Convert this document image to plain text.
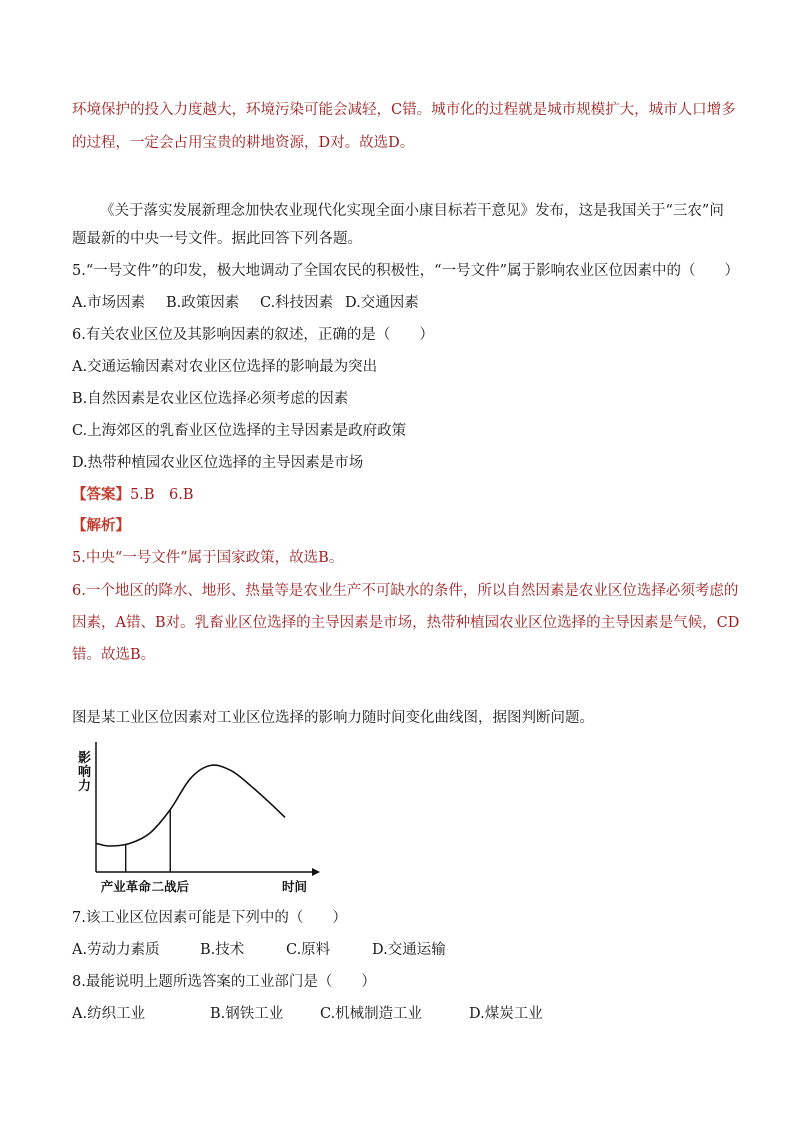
环境保护的投入力度越大，环境污染可能会减轻，C错。城市化的过程就是城市规模扩大，城市人口增多
的过程，一定会占用宝贵的耕地资源，D对。故选D。
《关于落实发展新理念加快农业现代化实现全面小康目标若干意见》发布，这是我国关于“三农”问
题最新的中央一号文件。据此回答下列各题。
5.“一号文件”的印发，极大地调动了全国农民的积极性，“一号文件”属于影响农业区位因素中的（　　）
A.市场因素 B.政策因素 C.科技因素 D.交通因素
6.有关农业区位及其影响因素的叙述，正确的是（　　）
A.交通运输因素对农业区位选择的影响最为突出
B.自然因素是农业区位选择必须考虑的因素
C.上海郊区的乳畜业区位选择的主导因素是政府政策
D.热带种植园农业区位选择的主导因素是市场
【答案】5.B　6.B
【解析】
5.中央“一号文件”属于国家政策，故选B。
6.一个地区的降水、地形、热量等是农业生产不可缺水的条件，所以自然因素是农业区位选择必须考虑的
因素，A错、B对。乳畜业区位选择的主导因素是市场，热带种植园农业区位选择的主导因素是气候，CD
错。故选B。
图是某工业区位因素对工业区位选择的影响力随时间变化曲线图，据图判断问题。
影
响
力
产业革命 二战后	时间
7.该工业区位因素可能是下列中的（　　）
A.劳动力素质	B.技术	C.原料	D.交通运输
8.最能说明上题所选答案的工业部门是（　　）
A.纺织工业	B.钢铁工业	C.机械制造工业	D.煤炭工业
